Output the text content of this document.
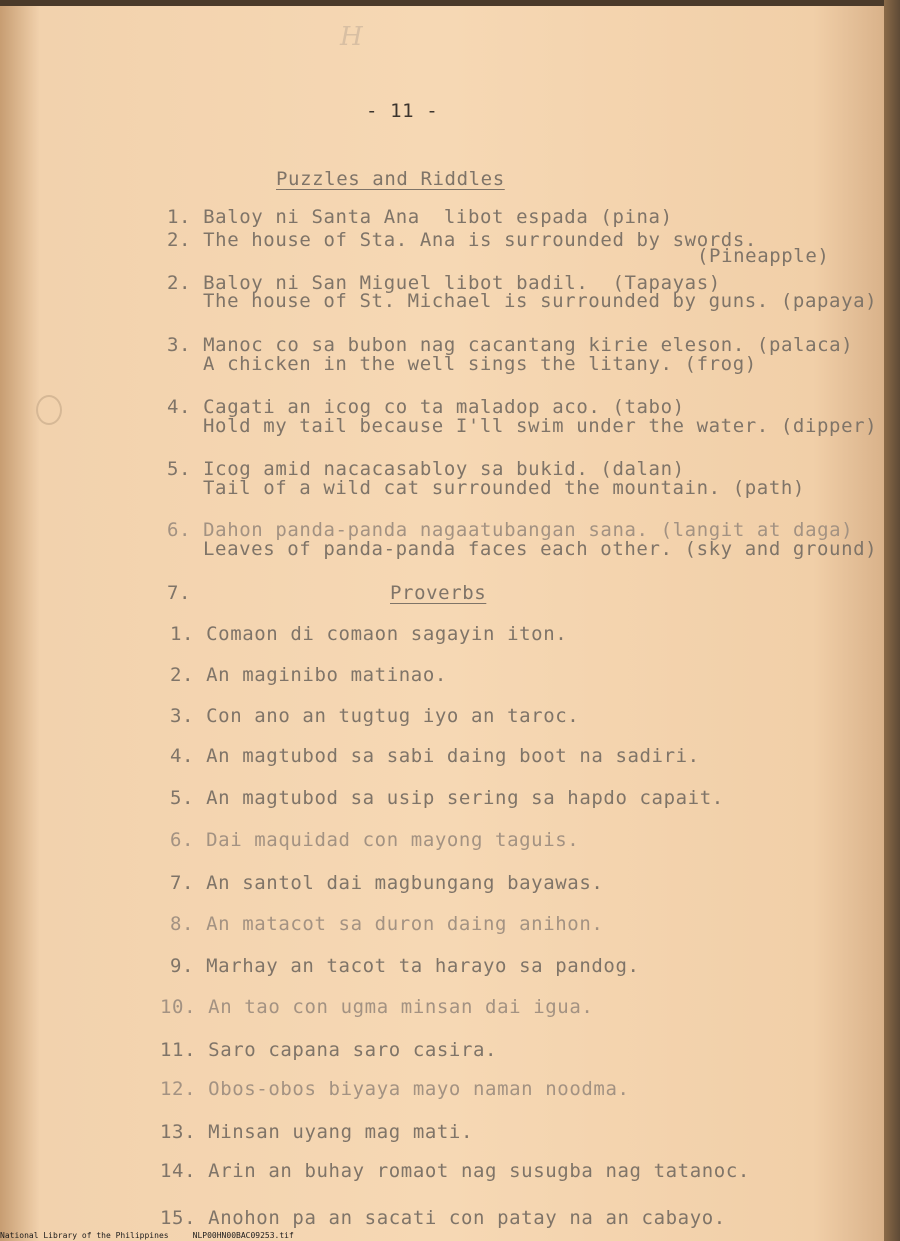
H
- 11 -
Puzzles and Riddles
1. Baloy ni Santa Ana  libot espada (pina)
2. The house of Sta. Ana is surrounded by swords.
(Pineapple)
2. Baloy ni San Miguel libot badil.  (Tapayas)
The house of St. Michael is surrounded by guns. (papaya)
3. Manoc co sa bubon nag cacantang kirie eleson. (palaca)
A chicken in the well sings the litany. (frog)
4. Cagati an icog co ta maladop aco. (tabo)
Hold my tail because I'll swim under the water. (dipper)
5. Icog amid nacacasabloy sa bukid. (dalan)
Tail of a wild cat surrounded the mountain. (path)
6. Dahon panda-panda nagaatubangan sana. (langit at daga)
Leaves of panda-panda faces each other. (sky and ground)
7.	Proverbs
1. Comaon di comaon sagayin iton.
2. An maginibo matinao.
3. Con ano an tugtug iyo an taroc.
4. An magtubod sa sabi daing boot na sadiri.
5. An magtubod sa usip sering sa hapdo capait.
6. Dai maquidad con mayong taguis.
7. An santol dai magbungang bayawas.
8. An matacot sa duron daing anihon.
9. Marhay an tacot ta harayo sa pandog.
10. An tao con ugma minsan dai igua.
11. Saro capana saro casira.
12. Obos-obos biyaya mayo naman noodma.
13. Minsan uyang mag mati.
14. Arin an buhay romaot nag susugba nag tatanoc.
15. Anohon pa an sacati con patay na an cabayo.
National Library of the Philippines     NLP00HN00BAC09253.tif
